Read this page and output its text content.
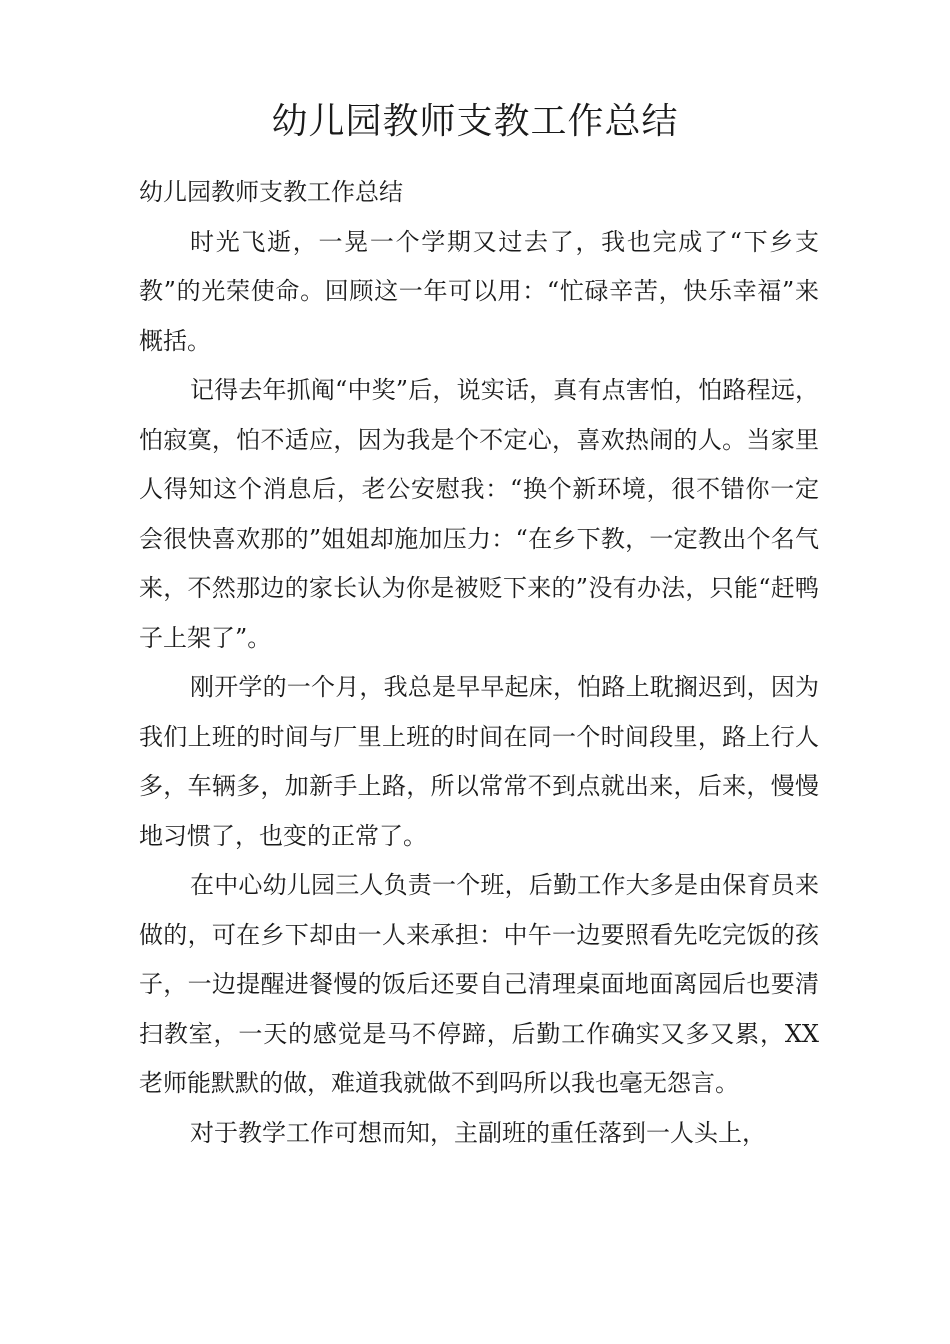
幼儿园教师支教工作总结

幼儿园教师支教工作总结

时光飞逝，一晃一个学期又过去了，我也完成了“下乡支教”的光荣使命。回顾这一年可以用：“忙碌辛苦，快乐幸福”来概括。

记得去年抓阄“中奖”后，说实话，真有点害怕，怕路程远，怕寂寞，怕不适应，因为我是个不定心，喜欢热闹的人。当家里人得知这个消息后，老公安慰我：“换个新环境，很不错你一定会很快喜欢那的”姐姐却施加压力：“在乡下教，一定教出个名气来，不然那边的家长认为你是被贬下来的”没有办法，只能“赶鸭子上架了”。

刚开学的一个月，我总是早早起床，怕路上耽搁迟到，因为我们上班的时间与厂里上班的时间在同一个时间段里，路上行人多，车辆多，加新手上路，所以常常不到点就出来，后来，慢慢地习惯了，也变的正常了。

在中心幼儿园三人负责一个班，后勤工作大多是由保育员来做的，可在乡下却由一人来承担：中午一边要照看先吃完饭的孩子，一边提醒进餐慢的饭后还要自己清理桌面地面离园后也要清扫教室，一天的感觉是马不停蹄，后勤工作确实又多又累，XX老师能默默的做，难道我就做不到吗所以我也毫无怨言。

对于教学工作可想而知，主副班的重任落到一人头上，
